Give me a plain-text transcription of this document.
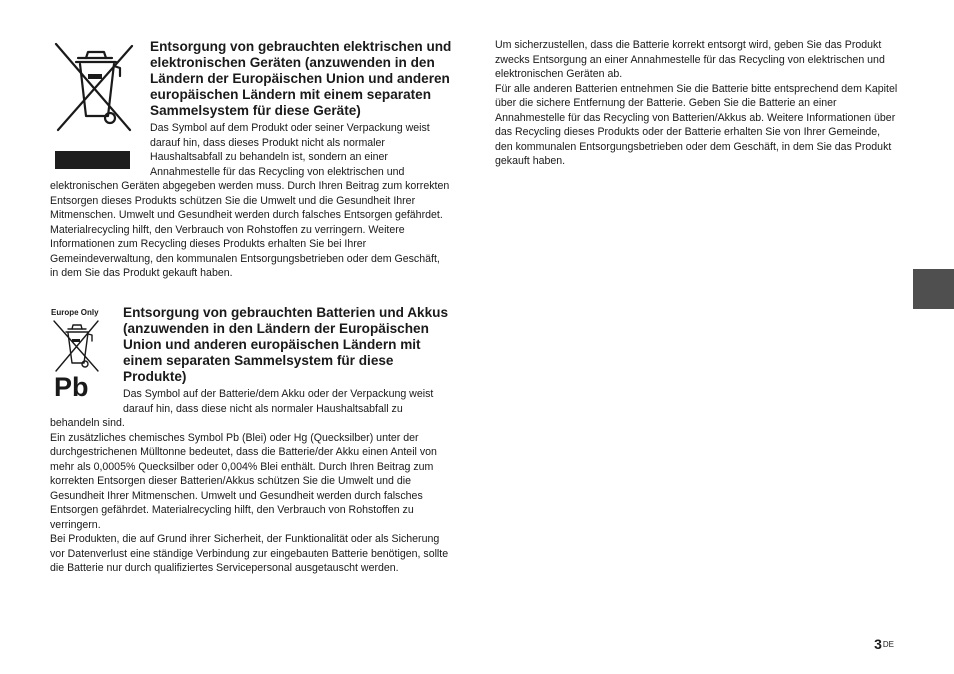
Entsorgung von gebrauchten elektrischen und elektronischen Geräten (anzuwenden in den Ländern der Europäischen Union und anderen europäischen Ländern mit einem separaten Sammelsystem für diese Geräte)
Das Symbol auf dem Produkt oder seiner Verpackung weist darauf hin, dass dieses Produkt nicht als normaler Haushaltsabfall zu behandeln ist, sondern an einer Annahmestelle für das Recycling von elektrischen und elektronischen Geräten abgegeben werden muss. Durch Ihren Beitrag zum korrekten Entsorgen dieses Produkts schützen Sie die Umwelt und die Gesundheit Ihrer Mitmenschen. Umwelt und Gesundheit werden durch falsches Entsorgen gefährdet. Materialrecycling hilft, den Verbrauch von Rohstoffen zu verringern. Weitere Informationen zum Recycling dieses Produkts erhalten Sie bei Ihrer Gemeindeverwaltung, den kommunalen Entsorgungsbetrieben oder dem Geschäft, in dem Sie das Produkt gekauft haben.
Europe Only
Pb
Entsorgung von gebrauchten Batterien und Akkus (anzuwenden in den Ländern der Europäischen Union und anderen europäischen Ländern mit einem separaten Sammelsystem für diese Produkte)
Das Symbol auf der Batterie/dem Akku oder der Verpackung weist darauf hin, dass diese nicht als normaler Haushaltsabfall zu behandeln sind.
Ein zusätzliches chemisches Symbol Pb (Blei) oder Hg (Quecksilber) unter der durchgestrichenen Mülltonne bedeutet, dass die Batterie/der Akku einen Anteil von mehr als 0,0005% Quecksilber oder 0,004% Blei enthält. Durch Ihren Beitrag zum korrekten Entsorgen dieser Batterien/Akkus schützen Sie die Umwelt und die Gesundheit Ihrer Mitmenschen. Umwelt und Gesundheit werden durch falsches Entsorgen gefährdet. Materialrecycling hilft, den Verbrauch von Rohstoffen zu verringern.
Bei Produkten, die auf Grund ihrer Sicherheit, der Funktionalität oder als Sicherung vor Datenverlust eine ständige Verbindung zur eingebauten Batterie benötigen, sollte die Batterie nur durch qualifiziertes Servicepersonal ausgetauscht werden.
Um sicherzustellen, dass die Batterie korrekt entsorgt wird, geben Sie das Produkt zwecks Entsorgung an einer Annahmestelle für das Recycling von elektrischen und elektronischen Geräten ab.
Für alle anderen Batterien entnehmen Sie die Batterie bitte entsprechend dem Kapitel über die sichere Entfernung der Batterie. Geben Sie die Batterie an einer Annahmestelle für das Recycling von Batterien/Akkus ab. Weitere Informationen über das Recycling dieses Produkts oder der Batterie erhalten Sie von Ihrer Gemeinde, den kommunalen Entsorgungsbetrieben oder dem Geschäft, in dem Sie das Produkt gekauft haben.
3DE
